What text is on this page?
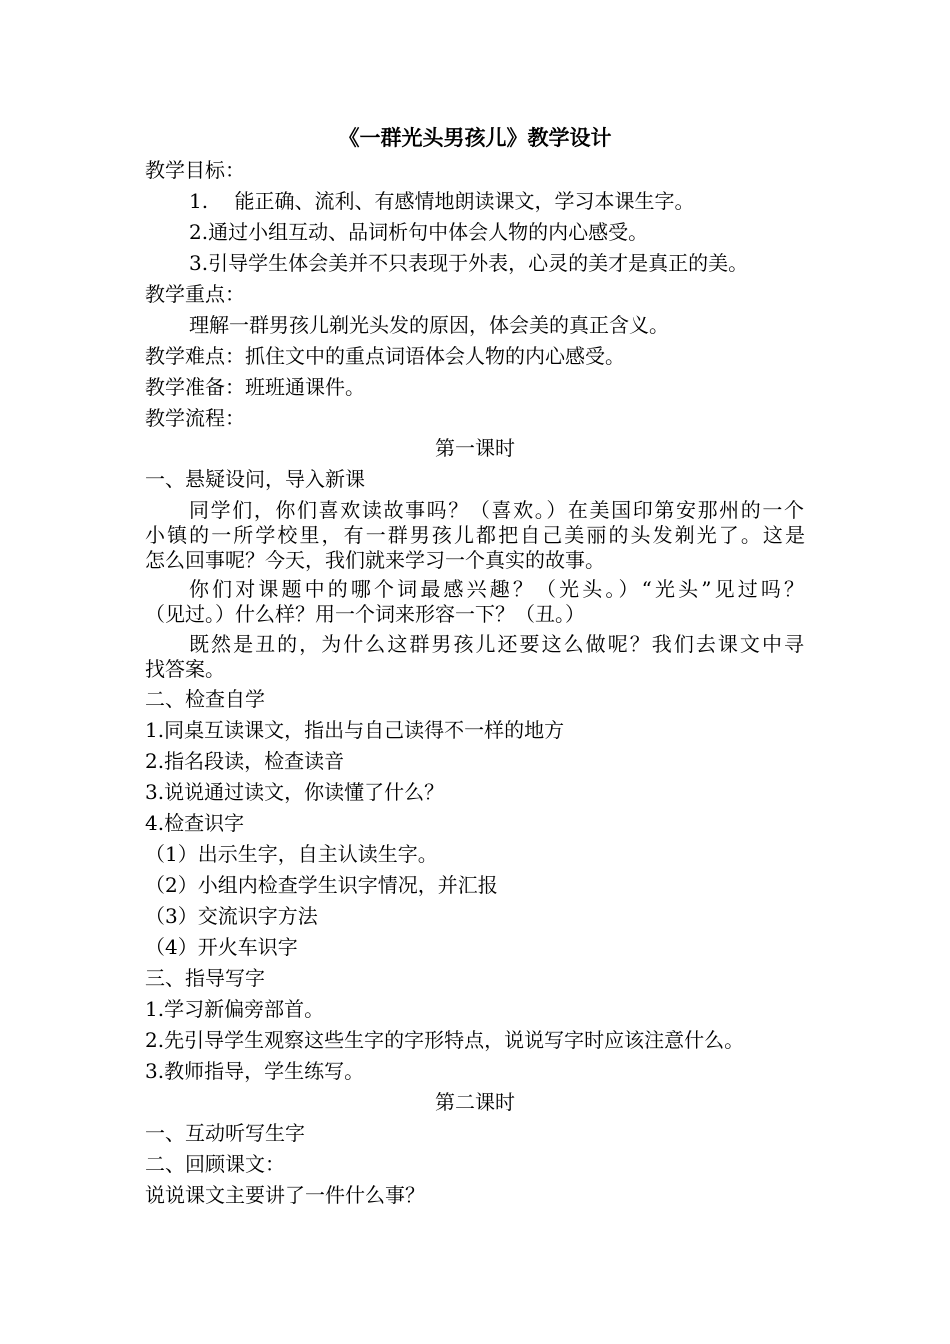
《一群光头男孩儿》教学设计
教学目标：
1.　 能正确、流利、有感情地朗读课文，学习本课生字。
2.通过小组互动、品词析句中体会人物的内心感受。
3.引导学生体会美并不只表现于外表，心灵的美才是真正的美。
教学重点：
理解一群男孩儿剃光头发的原因，体会美的真正含义。
教学难点：抓住文中的重点词语体会人物的内心感受。
教学准备：班班通课件。
教学流程：
第一课时
一、悬疑设问，导入新课
同学们，你们喜欢读故事吗？（喜欢。）在美国印第安那州的一个
小镇的一所学校里，有一群男孩儿都把自己美丽的头发剃光了。这是
怎么回事呢？今天，我们就来学习一个真实的故事。
你们对课题中的哪个词最感兴趣？（光头。）“光头”见过吗？
（见过。）什么样？用一个词来形容一下？（丑。）
既然是丑的，为什么这群男孩儿还要这么做呢？我们去课文中寻
找答案。
二、检查自学
1.同桌互读课文，指出与自己读得不一样的地方
2.指名段读，检查读音
3.说说通过读文，你读懂了什么？
4.检查识字
（1）出示生字，自主认读生字。
（2）小组内检查学生识字情况，并汇报
（3）交流识字方法
（4）开火车识字
三、指导写字
1.学习新偏旁部首。
2.先引导学生观察这些生字的字形特点，说说写字时应该注意什么。
3.教师指导，学生练写。
第二课时
一、互动听写生字
二、回顾课文：
说说课文主要讲了一件什么事？
